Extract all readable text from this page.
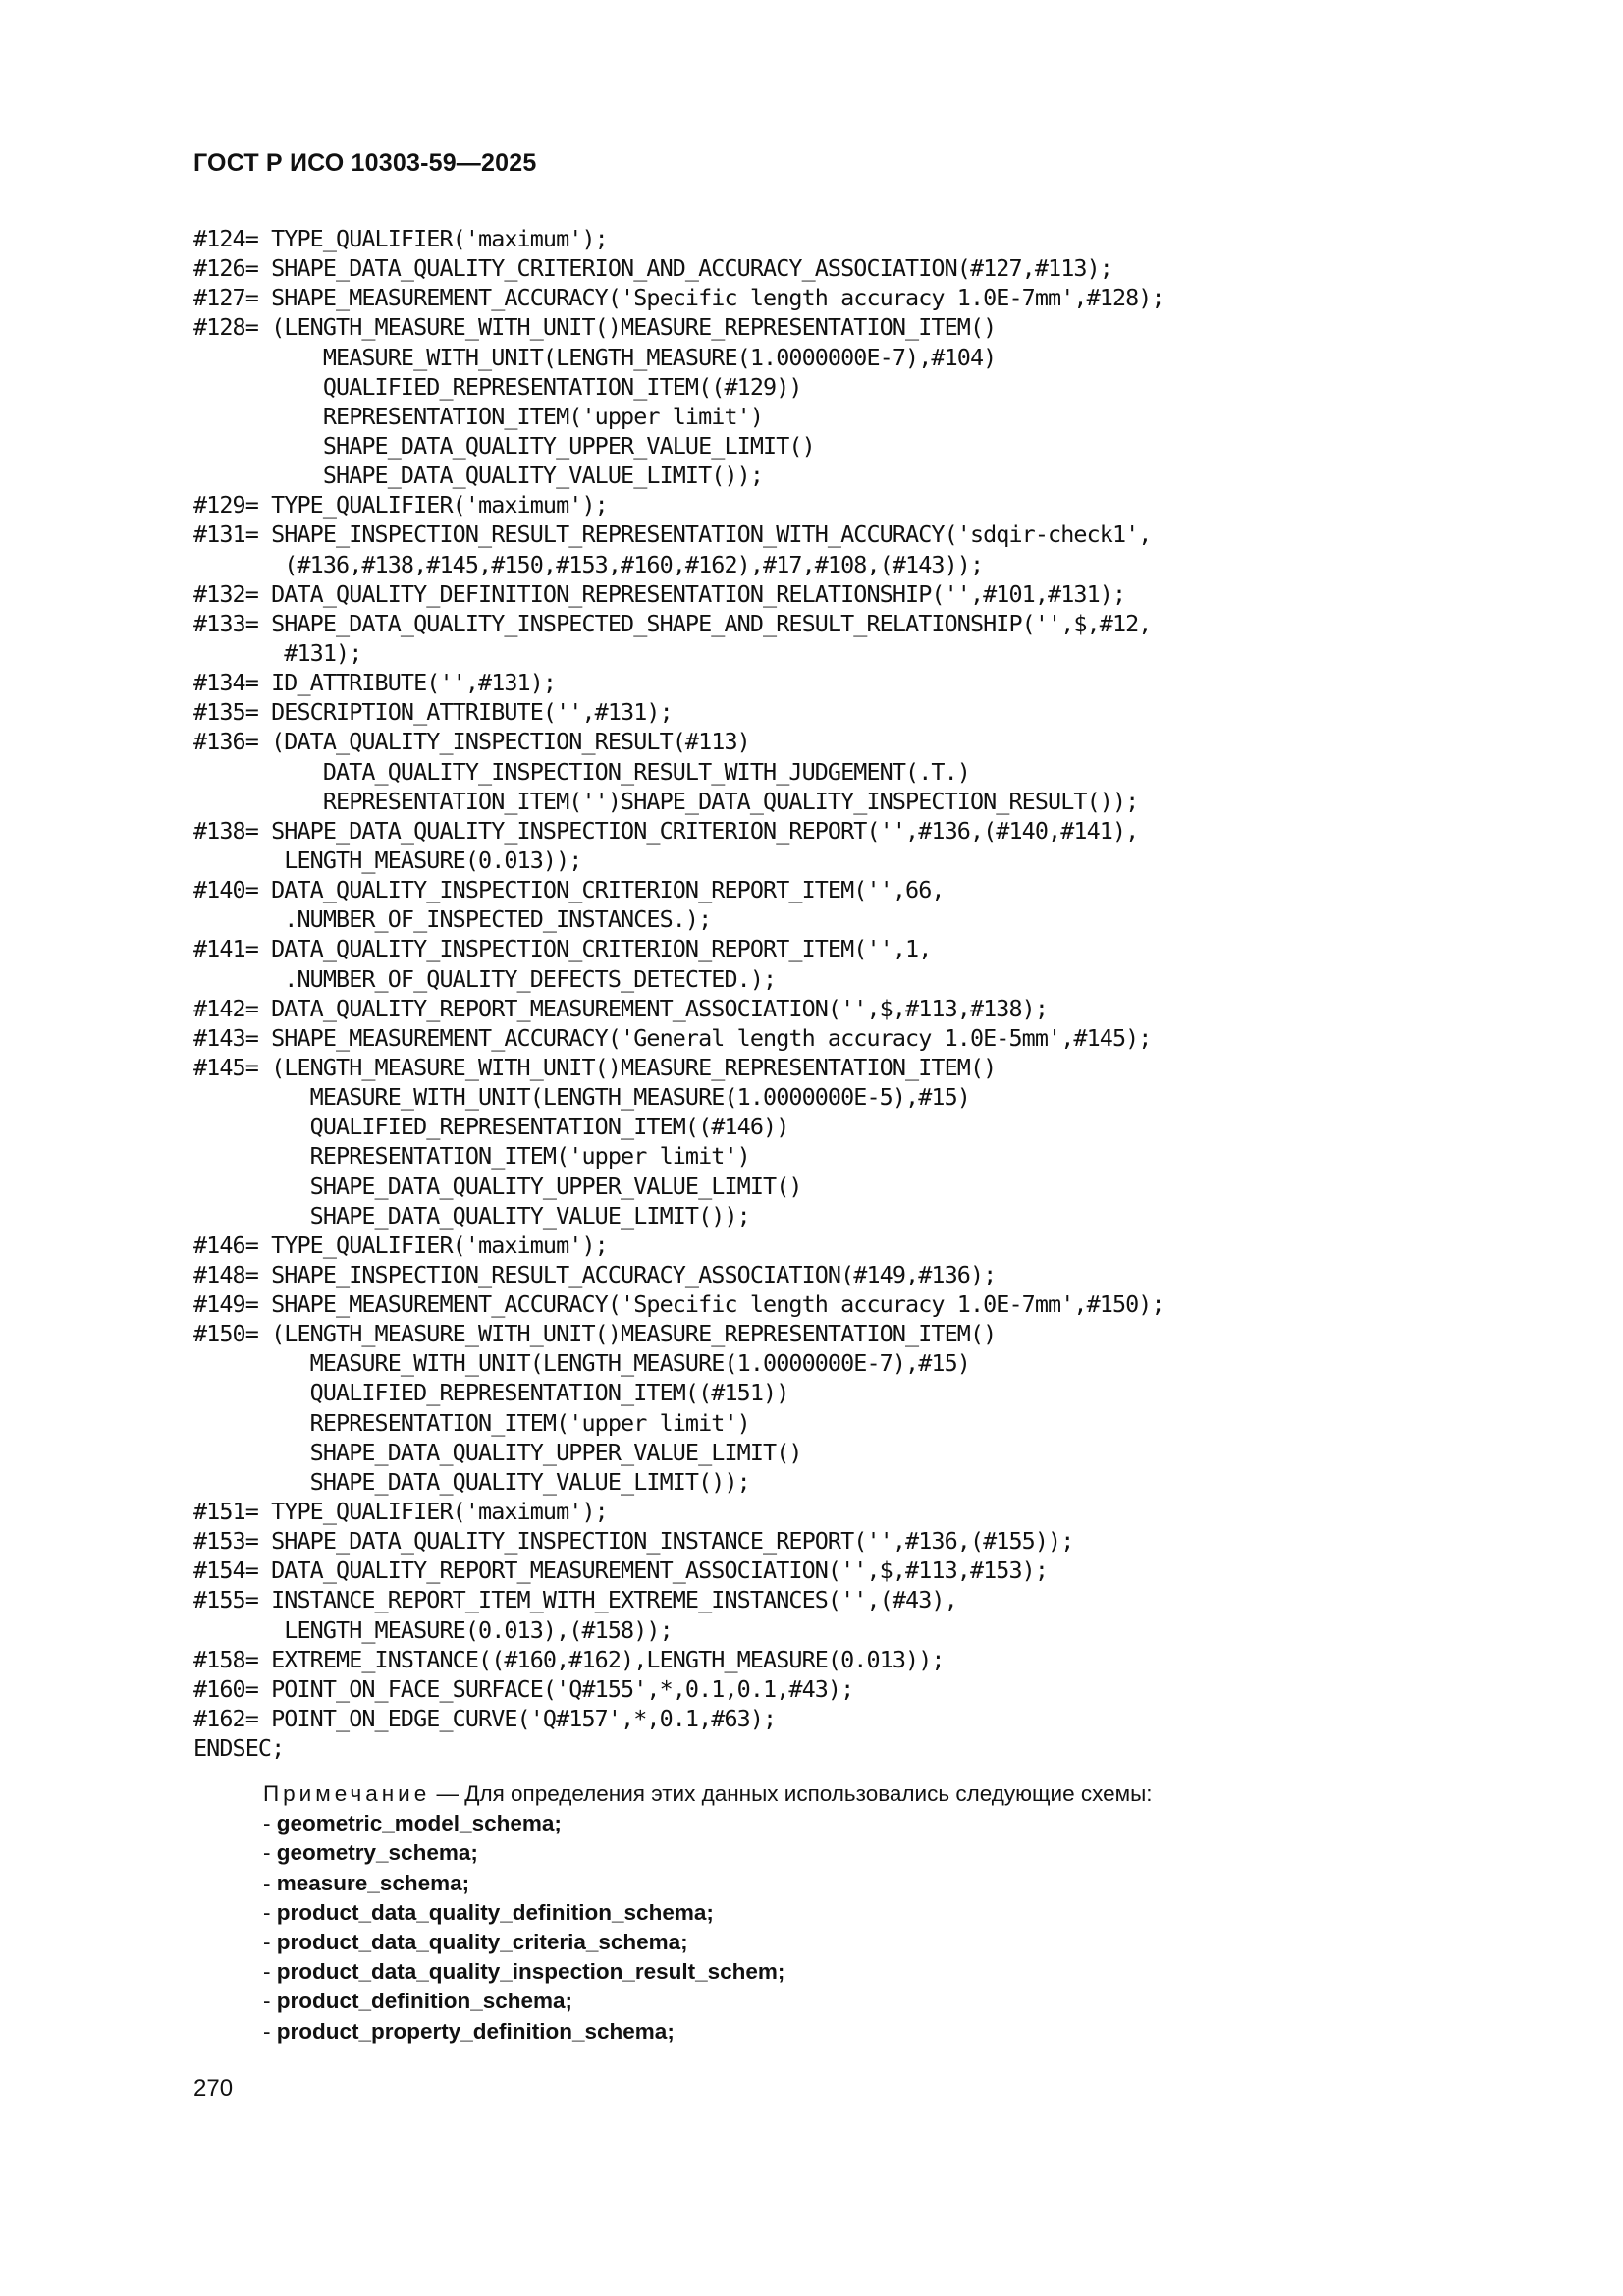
ГОСТ Р ИСО 10303-59—2025
#124= TYPE_QUALIFIER('maximum');
#126= SHAPE_DATA_QUALITY_CRITERION_AND_ACCURACY_ASSOCIATION(#127,#113);
#127= SHAPE_MEASUREMENT_ACCURACY('Specific length accuracy 1.0E-7mm',#128);
#128= (LENGTH_MEASURE_WITH_UNIT()MEASURE_REPRESENTATION_ITEM()
MEASURE_WITH_UNIT(LENGTH_MEASURE(1.0000000E-7),#104)
QUALIFIED_REPRESENTATION_ITEM((#129))
REPRESENTATION_ITEM('upper limit')
SHAPE_DATA_QUALITY_UPPER_VALUE_LIMIT()
SHAPE_DATA_QUALITY_VALUE_LIMIT());
#129= TYPE_QUALIFIER('maximum');
#131= SHAPE_INSPECTION_RESULT_REPRESENTATION_WITH_ACCURACY('sdqir-check1',
(#136,#138,#145,#150,#153,#160,#162),#17,#108,(#143));
#132= DATA_QUALITY_DEFINITION_REPRESENTATION_RELATIONSHIP('',#101,#131);
#133= SHAPE_DATA_QUALITY_INSPECTED_SHAPE_AND_RESULT_RELATIONSHIP('',$,#12,
#131);
#134= ID_ATTRIBUTE('',#131);
#135= DESCRIPTION_ATTRIBUTE('',#131);
#136= (DATA_QUALITY_INSPECTION_RESULT(#113)
DATA_QUALITY_INSPECTION_RESULT_WITH_JUDGEMENT(.T.)
REPRESENTATION_ITEM('')SHAPE_DATA_QUALITY_INSPECTION_RESULT());
#138= SHAPE_DATA_QUALITY_INSPECTION_CRITERION_REPORT('',#136,(#140,#141),
LENGTH_MEASURE(0.013));
#140= DATA_QUALITY_INSPECTION_CRITERION_REPORT_ITEM('',66,
.NUMBER_OF_INSPECTED_INSTANCES.);
#141= DATA_QUALITY_INSPECTION_CRITERION_REPORT_ITEM('',1,
.NUMBER_OF_QUALITY_DEFECTS_DETECTED.);
#142= DATA_QUALITY_REPORT_MEASUREMENT_ASSOCIATION('',$,#113,#138);
#143= SHAPE_MEASUREMENT_ACCURACY('General length accuracy 1.0E-5mm',#145);
#145= (LENGTH_MEASURE_WITH_UNIT()MEASURE_REPRESENTATION_ITEM()
MEASURE_WITH_UNIT(LENGTH_MEASURE(1.0000000E-5),#15)
QUALIFIED_REPRESENTATION_ITEM((#146))
REPRESENTATION_ITEM('upper limit')
SHAPE_DATA_QUALITY_UPPER_VALUE_LIMIT()
SHAPE_DATA_QUALITY_VALUE_LIMIT());
#146= TYPE_QUALIFIER('maximum');
#148= SHAPE_INSPECTION_RESULT_ACCURACY_ASSOCIATION(#149,#136);
#149= SHAPE_MEASUREMENT_ACCURACY('Specific length accuracy 1.0E-7mm',#150);
#150= (LENGTH_MEASURE_WITH_UNIT()MEASURE_REPRESENTATION_ITEM()
MEASURE_WITH_UNIT(LENGTH_MEASURE(1.0000000E-7),#15)
QUALIFIED_REPRESENTATION_ITEM((#151))
REPRESENTATION_ITEM('upper limit')
SHAPE_DATA_QUALITY_UPPER_VALUE_LIMIT()
SHAPE_DATA_QUALITY_VALUE_LIMIT());
#151= TYPE_QUALIFIER('maximum');
#153= SHAPE_DATA_QUALITY_INSPECTION_INSTANCE_REPORT('',#136,(#155));
#154= DATA_QUALITY_REPORT_MEASUREMENT_ASSOCIATION('',$,#113,#153);
#155= INSTANCE_REPORT_ITEM_WITH_EXTREME_INSTANCES('',(#43),
LENGTH_MEASURE(0.013),(#158));
#158= EXTREME_INSTANCE((#160,#162),LENGTH_MEASURE(0.013));
#160= POINT_ON_FACE_SURFACE('Q#155',*,0.1,0.1,#43);
#162= POINT_ON_EDGE_CURVE('Q#157',*,0.1,#63);
ENDSEC;
Примечание — Для определения этих данных использовались следующие схемы:
- geometric_model_schema;
- geometry_schema;
- measure_schema;
- product_data_quality_definition_schema;
- product_data_quality_criteria_schema;
- product_data_quality_inspection_result_schem;
- product_definition_schema;
- product_property_definition_schema;
270
